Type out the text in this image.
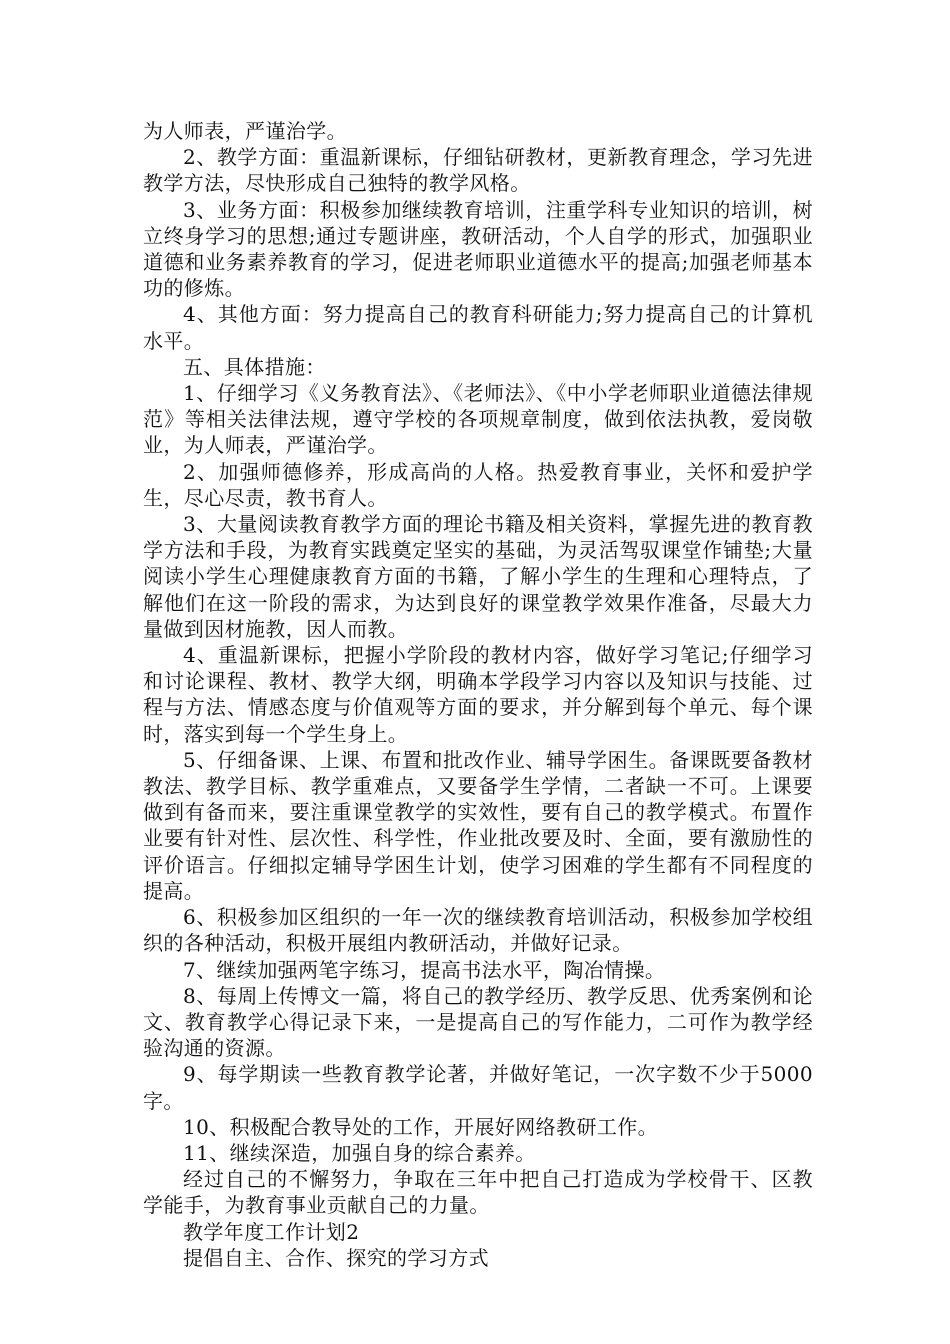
为人师表，严谨治学。

2、教学方面：重温新课标，仔细钻研教材，更新教育理念，学习先进教学方法，尽快形成自己独特的教学风格。

3、业务方面：积极参加继续教育培训，注重学科专业知识的培训，树立终身学习的思想;通过专题讲座，教研活动，个人自学的形式，加强职业道德和业务素养教育的学习，促进老师职业道德水平的提高;加强老师基本功的修炼。

4、其他方面：努力提高自己的教育科研能力;努力提高自己的计算机水平。

五、具体措施：

1、仔细学习《义务教育法》、《老师法》、《中小学老师职业道德法律规范》等相关法律法规，遵守学校的各项规章制度，做到依法执教，爱岗敬业，为人师表，严谨治学。

2、加强师德修养，形成高尚的人格。热爱教育事业，关怀和爱护学生，尽心尽责，教书育人。

3、大量阅读教育教学方面的理论书籍及相关资料，掌握先进的教育教学方法和手段，为教育实践奠定坚实的基础，为灵活驾驭课堂作铺垫;大量阅读小学生心理健康教育方面的书籍，了解小学生的生理和心理特点，了解他们在这一阶段的需求，为达到良好的课堂教学效果作准备，尽最大力量做到因材施教，因人而教。

4、重温新课标，把握小学阶段的教材内容，做好学习笔记;仔细学习和讨论课程、教材、教学大纲，明确本学段学习内容以及知识与技能、过程与方法、情感态度与价值观等方面的要求，并分解到每个单元、每个课时，落实到每一个学生身上。

5、仔细备课、上课、布置和批改作业、辅导学困生。备课既要备教材教法、教学目标、教学重难点，又要备学生学情，二者缺一不可。上课要做到有备而来，要注重课堂教学的实效性，要有自己的教学模式。布置作业要有针对性、层次性、科学性，作业批改要及时、全面，要有激励性的评价语言。仔细拟定辅导学困生计划，使学习困难的学生都有不同程度的提高。

6、积极参加区组织的一年一次的继续教育培训活动，积极参加学校组织的各种活动，积极开展组内教研活动，并做好记录。

7、继续加强两笔字练习，提高书法水平，陶冶情操。

8、每周上传博文一篇，将自己的教学经历、教学反思、优秀案例和论文、教育教学心得记录下来，一是提高自己的写作能力，二可作为教学经验沟通的资源。

9、每学期读一些教育教学论著，并做好笔记，一次字数不少于5000字。

10、积极配合教导处的工作，开展好网络教研工作。

11、继续深造，加强自身的综合素养。

经过自己的不懈努力，争取在三年中把自己打造成为学校骨干、区教学能手，为教育事业贡献自己的力量。

教学年度工作计划2

提倡自主、合作、探究的学习方式
